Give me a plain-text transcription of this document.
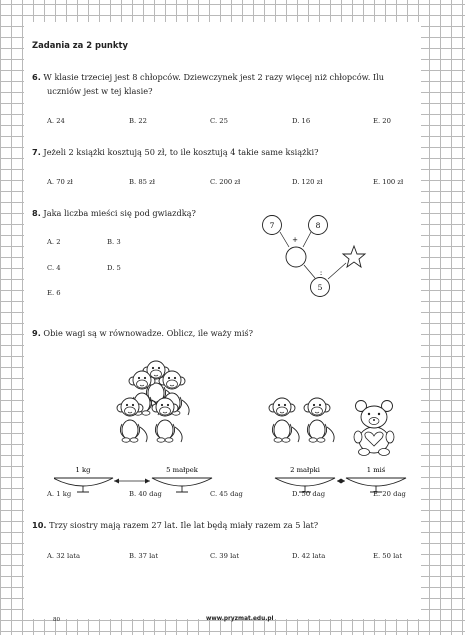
Zadania za 2 punkty
6. W klasie trzeciej jest 8 chłopców. Dziewczynek jest 2 razy więcej niż chłopców. Ilu
uczniów jest w tej klasie?
A. 24	B. 22	C. 25	D. 16	E. 20
7. Jeżeli 2 książki kosztują 50 zł, to ile kosztują 4 takie same książki?
A. 70 zł	B. 85 zł	C. 200 zł	D. 120 zł	E. 100 zł
8. Jaka liczba mieści się pod gwiazdką?
A. 2	B. 3
C. 4	D. 5
E. 6
7	8
+
:
5
9. Obie wagi są w równowadze. Oblicz, ile waży miś?
1 kg	5 małpek	2 małpki	1 miś
A. 1 kg	B. 40 dag	C. 45 dag	D. 50 dag	E. 20 dag
10. Trzy siostry mają razem 27 lat. Ile lat będą miały razem za 5 lat?
A. 32 lata	B. 37 lat	C. 39 lat	D. 42 lata	E. 50 lat
80	www.pryzmat.edu.pl
